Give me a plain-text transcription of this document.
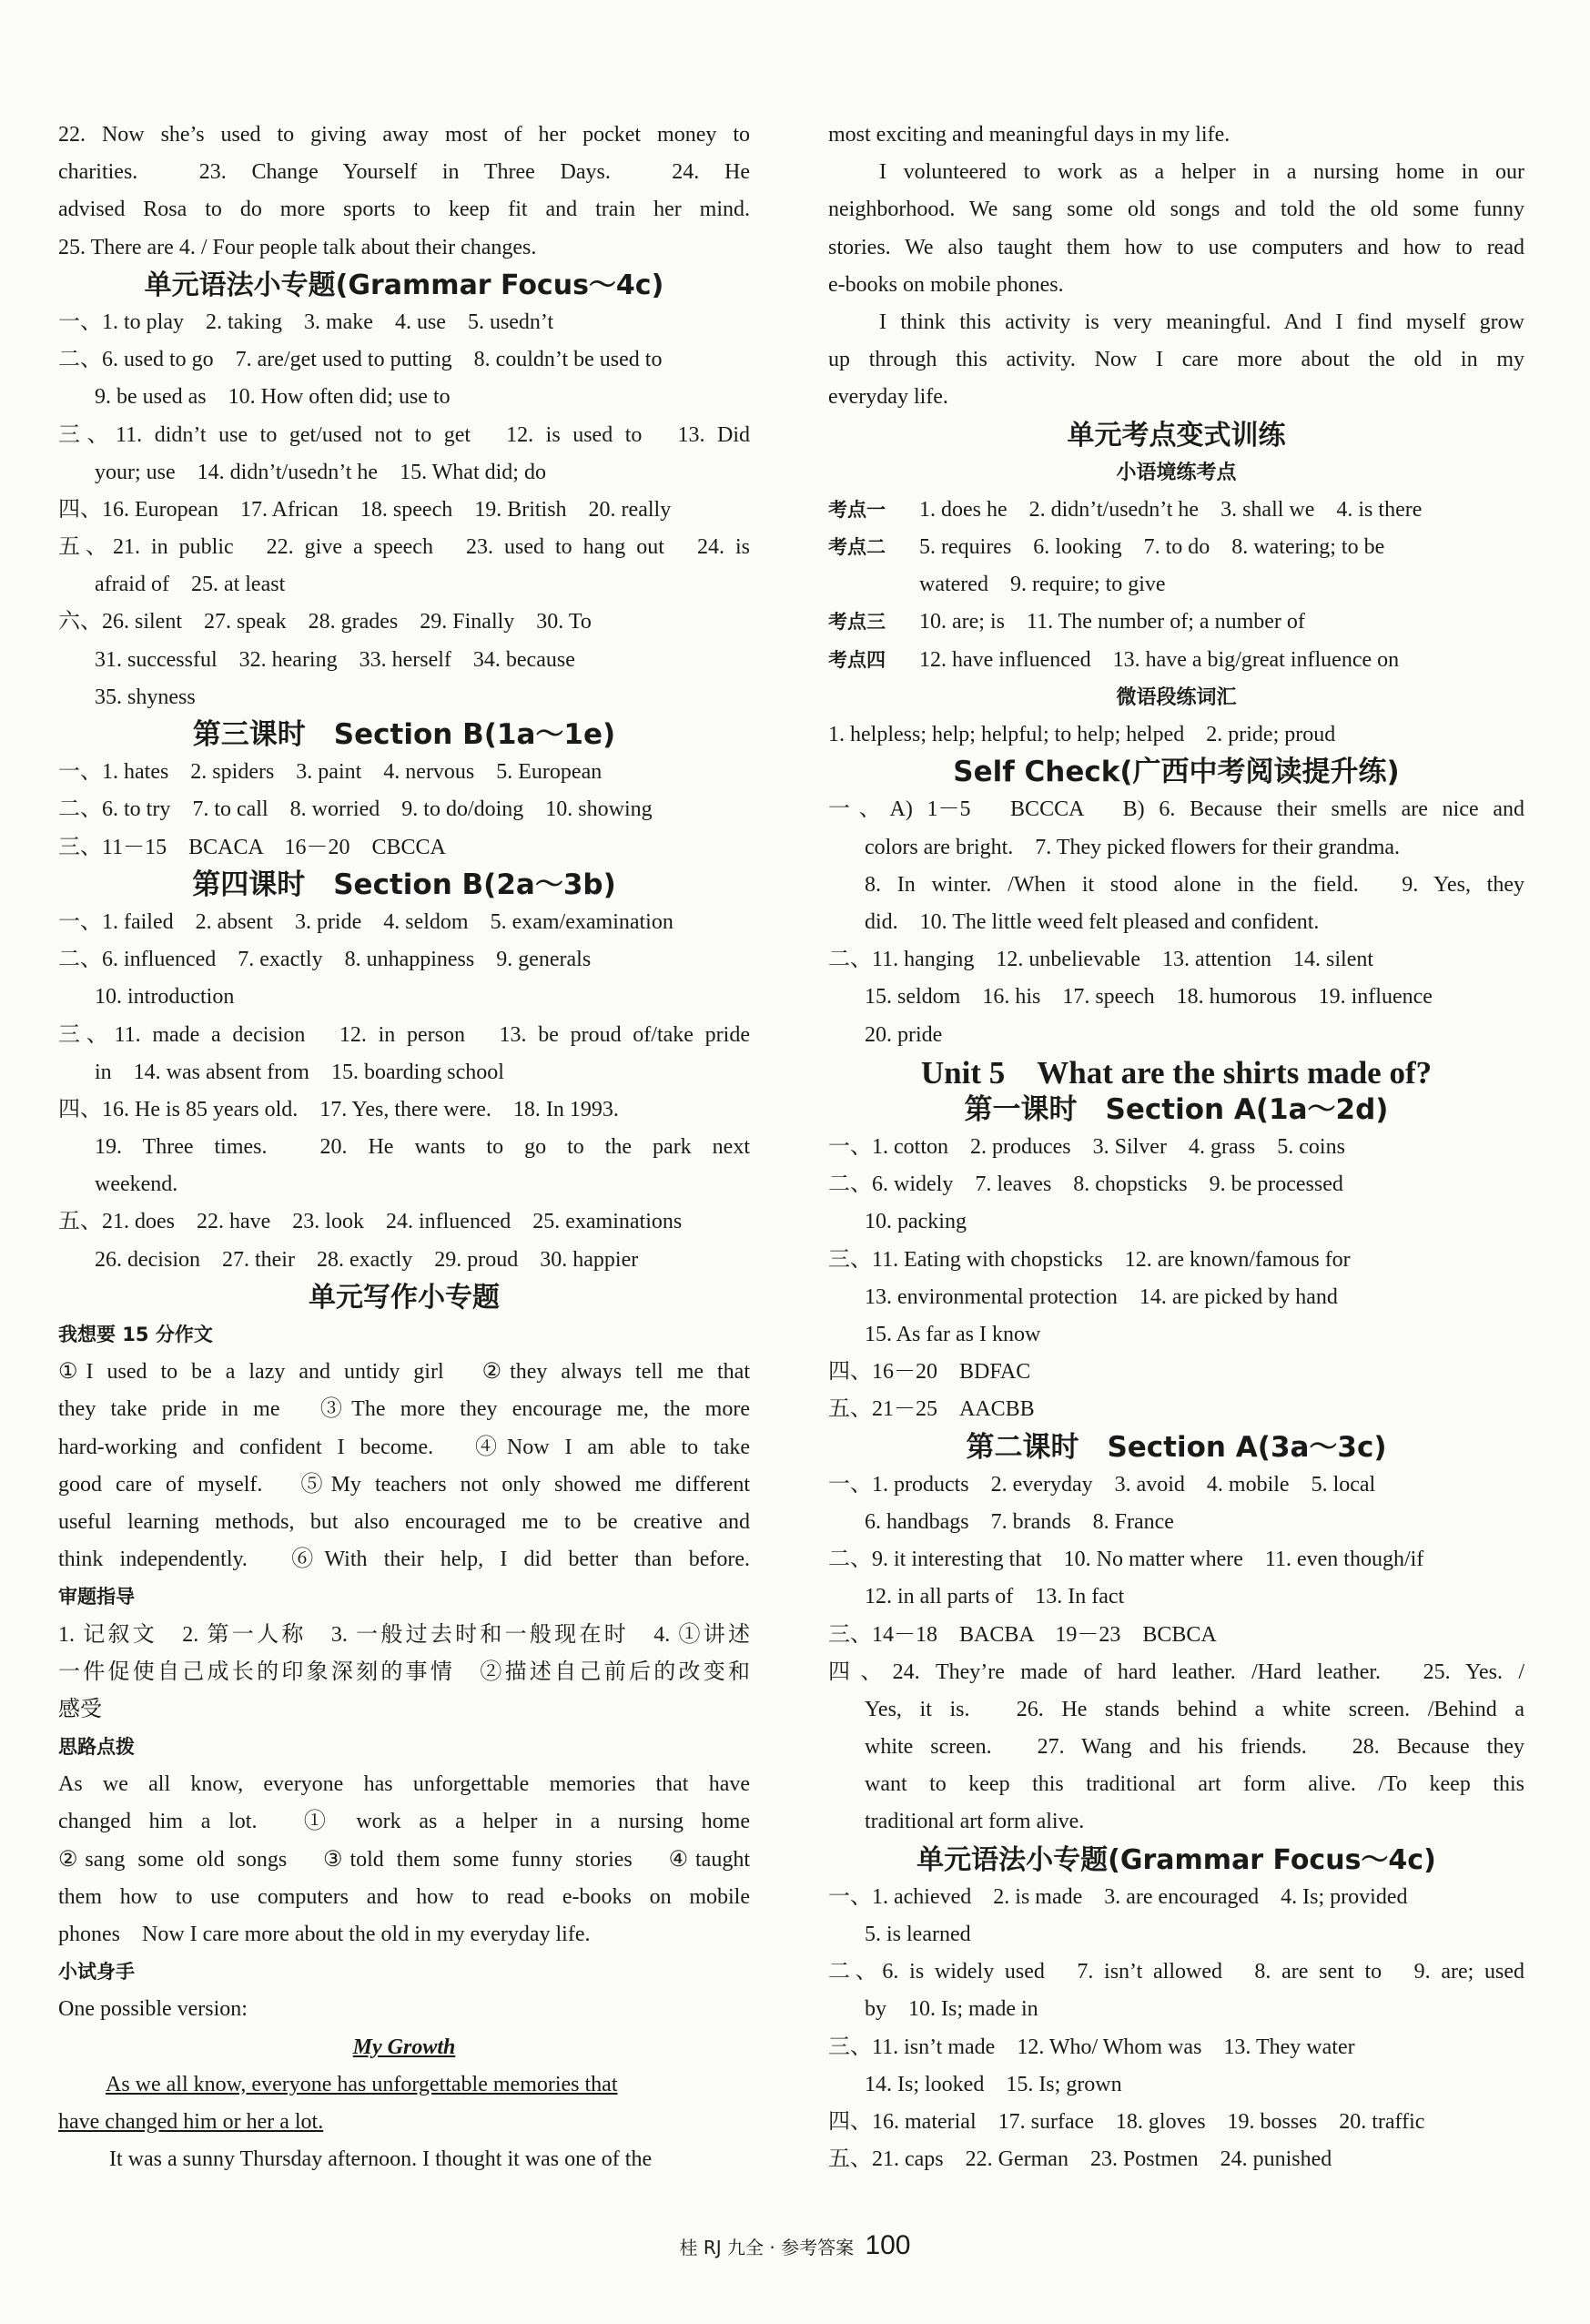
22. Now she’s used to giving away most of her pocket money to
charities.　23. Change Yourself in Three Days.　24. He
advised Rosa to do more sports to keep fit and train her mind.
25. There are 4. / Four people talk about their changes.
单元语法小专题(Grammar Focus～4c)
一、1. to play　2. taking　3. make　4. use　5. usedn’t
二、6. used to go　7. are/get used to putting　8. couldn’t be used to
9. be used as　10. How often did; use to
三、11. didn’t use to get/used not to get　12. is used to　13. Did
your; use　14. didn’t/usedn’t he　15. What did; do
四、16. European　17. African　18. speech　19. British　20. really
五、21. in public　22. give a speech　23. used to hang out　24. is
afraid of　25. at least
六、26. silent　27. speak　28. grades　29. Finally　30. To
31. successful　32. hearing　33. herself　34. because
35. shyness
第三课时　Section B(1a～1e)
一、1. hates　2. spiders　3. paint　4. nervous　5. European
二、6. to try　7. to call　8. worried　9. to do/doing　10. showing
三、11－15　BCACA　16－20　CBCCA
第四课时　Section B(2a～3b)
一、1. failed　2. absent　3. pride　4. seldom　5. exam/examination
二、6. influenced　7. exactly　8. unhappiness　9. generals
10. introduction
三、11. made a decision　12. in person　13. be proud of/take pride
in　14. was absent from　15. boarding school
四、16. He is 85 years old.　17. Yes, there were.　18. In 1993.
19. Three times.　20. He wants to go to the park next
weekend.
五、21. does　22. have　23. look　24. influenced　25. examinations
26. decision　27. their　28. exactly　29. proud　30. happier
单元写作小专题
我想要 15 分作文
①I used to be a lazy and untidy girl　②they always tell me that
they take pride in me　③The more they encourage me, the more
hard-working and confident I become.　④Now I am able to take
good care of myself.　⑤My teachers not only showed me different
useful learning methods, but also encouraged me to be creative and
think independently.　⑥With their help, I did better than before.
审题指导
1. 记叙文　2. 第一人称　3. 一般过去时和一般现在时　4. ①讲述
一件促使自己成长的印象深刻的事情　②描述自己前后的改变和
感受
思路点拨
As we all know, everyone has unforgettable memories that have
changed him a lot.　① work as a helper in a nursing home
②sang some old songs　③told them some funny stories　④taught
them how to use computers and how to read e-books on mobile
phones　Now I care more about the old in my everyday life.
小试身手
One possible version:
My Growth
As we all know, everyone has unforgettable memories that
have changed him or her a lot.
It was a sunny Thursday afternoon. I thought it was one of the
most exciting and meaningful days in my life.
I volunteered to work as a helper in a nursing home in our
neighborhood. We sang some old songs and told the old some funny
stories. We also taught them how to use computers and how to read
e-books on mobile phones.
I think this activity is very meaningful. And I find myself grow
up through this activity. Now I care more about the old in my
everyday life.
单元考点变式训练
小语境练考点
考点一 1. does he　2. didn’t/usedn’t he　3. shall we　4. is there
考点二 5. requires　6. looking　7. to do　8. watering; to be
watered　9. require; to give
考点三 10. are; is　11. The number of; a number of
考点四 12. have influenced　13. have a big/great influence on
微语段练词汇
1. helpless; help; helpful; to help; helped　2. pride; proud
Self Check(广西中考阅读提升练)
一、A) 1－5　BCCCA　B) 6. Because their smells are nice and
colors are bright.　7. They picked flowers for their grandma.
8. In winter. /When it stood alone in the field.　9. Yes, they
did.　10. The little weed felt pleased and confident.
二、11. hanging　12. unbelievable　13. attention　14. silent
15. seldom　16. his　17. speech　18. humorous　19. influence
20. pride
Unit 5　What are the shirts made of?
第一课时　Section A(1a～2d)
一、1. cotton　2. produces　3. Silver　4. grass　5. coins
二、6. widely　7. leaves　8. chopsticks　9. be processed
10. packing
三、11. Eating with chopsticks　12. are known/famous for
13. environmental protection　14. are picked by hand
15. As far as I know
四、16－20　BDFAC
五、21－25　AACBB
第二课时　Section A(3a～3c)
一、1. products　2. everyday　3. avoid　4. mobile　5. local
6. handbags　7. brands　8. France
二、9. it interesting that　10. No matter where　11. even though/if
12. in all parts of　13. In fact
三、14－18　BACBA　19－23　BCBCA
四、24. They’re made of hard leather. /Hard leather.　25. Yes. /
Yes, it is.　26. He stands behind a white screen. /Behind a
white screen.　27. Wang and his friends.　28. Because they
want to keep this traditional art form alive. /To keep this
traditional art form alive.
单元语法小专题(Grammar Focus～4c)
一、1. achieved　2. is made　3. are encouraged　4. Is; provided
5. is learned
二、6. is widely used　7. isn’t allowed　8. are sent to　9. are; used
by　10. Is; made in
三、11. isn’t made　12. Who/ Whom was　13. They water
14. Is; looked　15. Is; grown
四、16. material　17. surface　18. gloves　19. bosses　20. traffic
五、21. caps　22. German　23. Postmen　24. punished
桂 RJ 九全 · 参考答案 100
